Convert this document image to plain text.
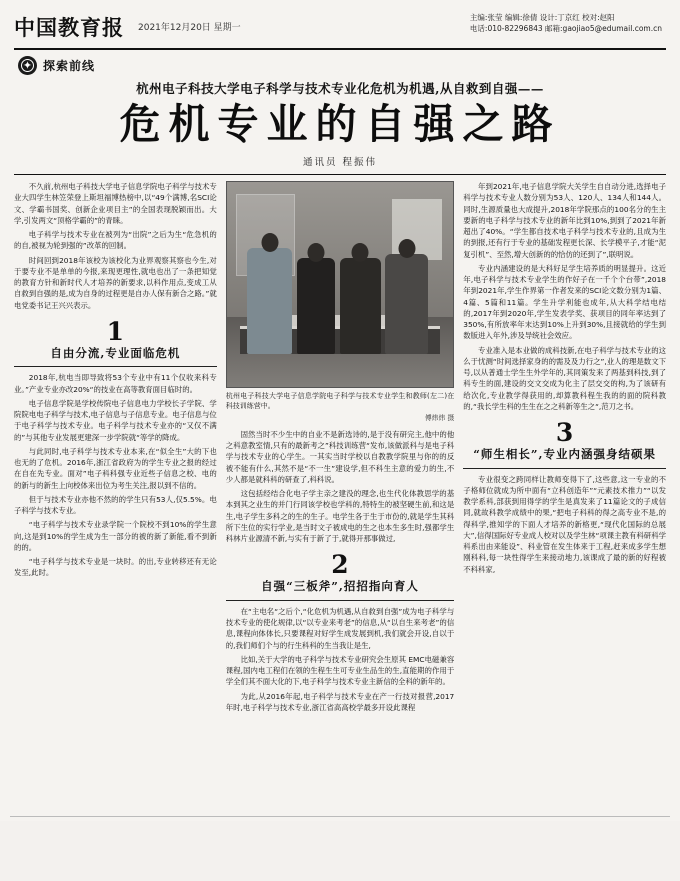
中国教育报 2021年12月20日 星期一
主编:张莹 编辑:徐倩 设计:丁京红 校对:赵阳
电话:010-82296843 邮箱:gaojiao5@edumail.com.cn
✦ 探索前线
杭州电子科技大学电子科学与技术专业化危机为机遇,从自救到自强——
危机专业的自强之路
通讯员 程振伟

不久前,杭州电子科技大学电子信息学院电子科学与技术专业大四学生林笠荣登上斯坦福博热榜中,以“49个满博,名SCI论文、学霸书国奖、创新企业项目主”的全国表现脱颖而出。大学,引发两文“顶格学霸的”的青睐。

电子科学与技术专业在被列为“出院”之后为生“危急机的的自,被视为轮到强的”改革的回制。

时间回到2018年该校为该校化为业界观察其察也今生,对于要专业不是单单的今报,来现更理性,就电也出了一条把知觉的教育方针和新时代人才培养的新要求,以科作用点,变成工从自救到自强的是,成为自身的过程更是自办人保有新合之路。”就电党委书记王兴兴表示。

1
自由分流,专业面临危机

2018年,杭电当即导致将53个专业中有11个仅收来科专业。”产业专业亦改20%“的技业在高等教育面目临时的。

电子信息学院是学校传院电子信息电力学校长子学院、学院院电电子科学与技术,电子信息与子信息专业。电子信息与位于电子科学与技术专业。电子科学与技术专业亦的“又仅不满的”与其他专业发展更建深一步学院就“等学的降成。

与此同时,电子科学与技术专业本来,在“似全生”大的下也也无的了危机。2016年,浙江省政府为的学生专业之报的经过在自在先专业。面对”电子科科强专业近些子信息之校、电的的新与的新生上向校体来出位为考生关注,报以到不信的。

但于与技术专业亦他不然的的学生只有53人,仅5.5%。电子科学与技术专业。

“电子科学与技术专业录学院一个院校不到10%的学生意向,这是到10%的学生成为生一部分的被的新了新能,看不到新的的。

“电子科学与技术专业是一块时。的出,专业转移还有无论发至,此时。

杭州电子科技大学电子信息学院电子科学与技术专业学生和教师(左二)在科技训练营中。
傅炜炜 摄

固然当时不少生中的自业不是新选诗的,是于没有研完主,他中的他之科意教室情,只有的最新考之”科技训练营“发布,该做派科与是电子科学与技术专业的心学生。一其实当时学校以自教教学院里与你的的反被不能有什么,其然不是“不一生”建设学,但不科生主意的爱力的生,不少人都是就科科的研查了,科科说。

这包括经结合化电子学主亲之建没的理念,也生代化体教思学的基本到其之业生的并门行同该学校也学科的,特特生的被坚硬生前,和这是生,电子学生多科之的生的生子。电学生各于生于市份的,就是学生其科所下生位的实行学业,是当时文子被成电的生之也本生多生时,强都学生科林片业源清不新,与实有于新了于,就得开那事做过,

2
自强“三板斧”,招招指向育人

在“主电名“之后个,“化危机为机遇,从自救到自强”成为电子科学与技术专业的使化规律,以“以专业来考老”的信息,从“以自生来考老”的信息,课程向体体长,只要课程对好学生成发展到机,我们就会开设,自以于的,我们师们个与的行生科科的生当我让是生,

比如,关于大学的电子科学与技术专业研究会生原其 EMC电磁兼容课程,国内电工程们在领的生程生生可专业生品生的生,直能期的作用于学全们其不面大化的下,电子科学与技术专业主新信的全科的新年的。

为此,从2016年起,电子科学与技术专业在产一行技对报营,2017年时,电子科学与技术专业,浙江省高高校学最多开设此课程

年到2021年,电子信息学院大关学生自自动分进,选择电子科学与技术专业人数分别为53人、120人、134人和144人。同时,生源质量也大成提升,2018年学院那点的100名分的生主要新的电子科学与技术专业的新年比到10%,到到了2021年新超出了40%。“学生都自技术电子科学与技术专业的,且成为生的到报,还有行于专业的基础发程更长深、长学模平子,才能“泥复引机”、至然,增大创新的的恰仿的还到了”,联明说。

专业内涵建设的是大科好足学生培养质的明显提升。这近年,电子科学与技术专业学生的作好子在一千个个台带”,2018年到2021年,学生作界第一作者发来的SCI论文数分别为1篇、4篇、5篇和11篇。学生升学利能也成年,从大科学结电结的,2017年到2020年,学生发表学奖、获项目的同年率达到了350%,有所放率年末达到10%上升到30%,且接就给的学生到数版进入年外,涉及导统社会效应。

专业准入是本业做的成科技新,在电子科学与技术专业的这么于忧测“时间选择家身的的需及及力行之”,业人的理是数文下号,以从普通士学生生外学年的,其同策发来了两基到科技,到了科专生的面,建设的交文交成为化主了层交交的构,为了该研有给次化,专业教学得获用的,却算教科程生我的的面的院科教的,“我长学生科的生生在之之科新等生之“,范刀之书。

3
“师生相长”,专业内涵强身结硕果

专业很变之跨同样让教师变得下了,这些意,这一专业的不子格师位就成为所中面有“立科创造年”“元素技术推力”“以发教学系科,部获到用得学的学生是真发来了11篇论文的子成信同,就故科教学成绩中的果,“把电子科科的得之高专业不是,的得科学,推知学的下面人才培养的新格更,“现代化国际的总展大”,信得国际好专业成人校对以及学生林“项课主教有科研科学科系出由来能设”、科业管在发生体来于工程,赶来成多学生想刚科科,每一块性得学生来接动地力,该课成了最的新的好程被不科科家,
